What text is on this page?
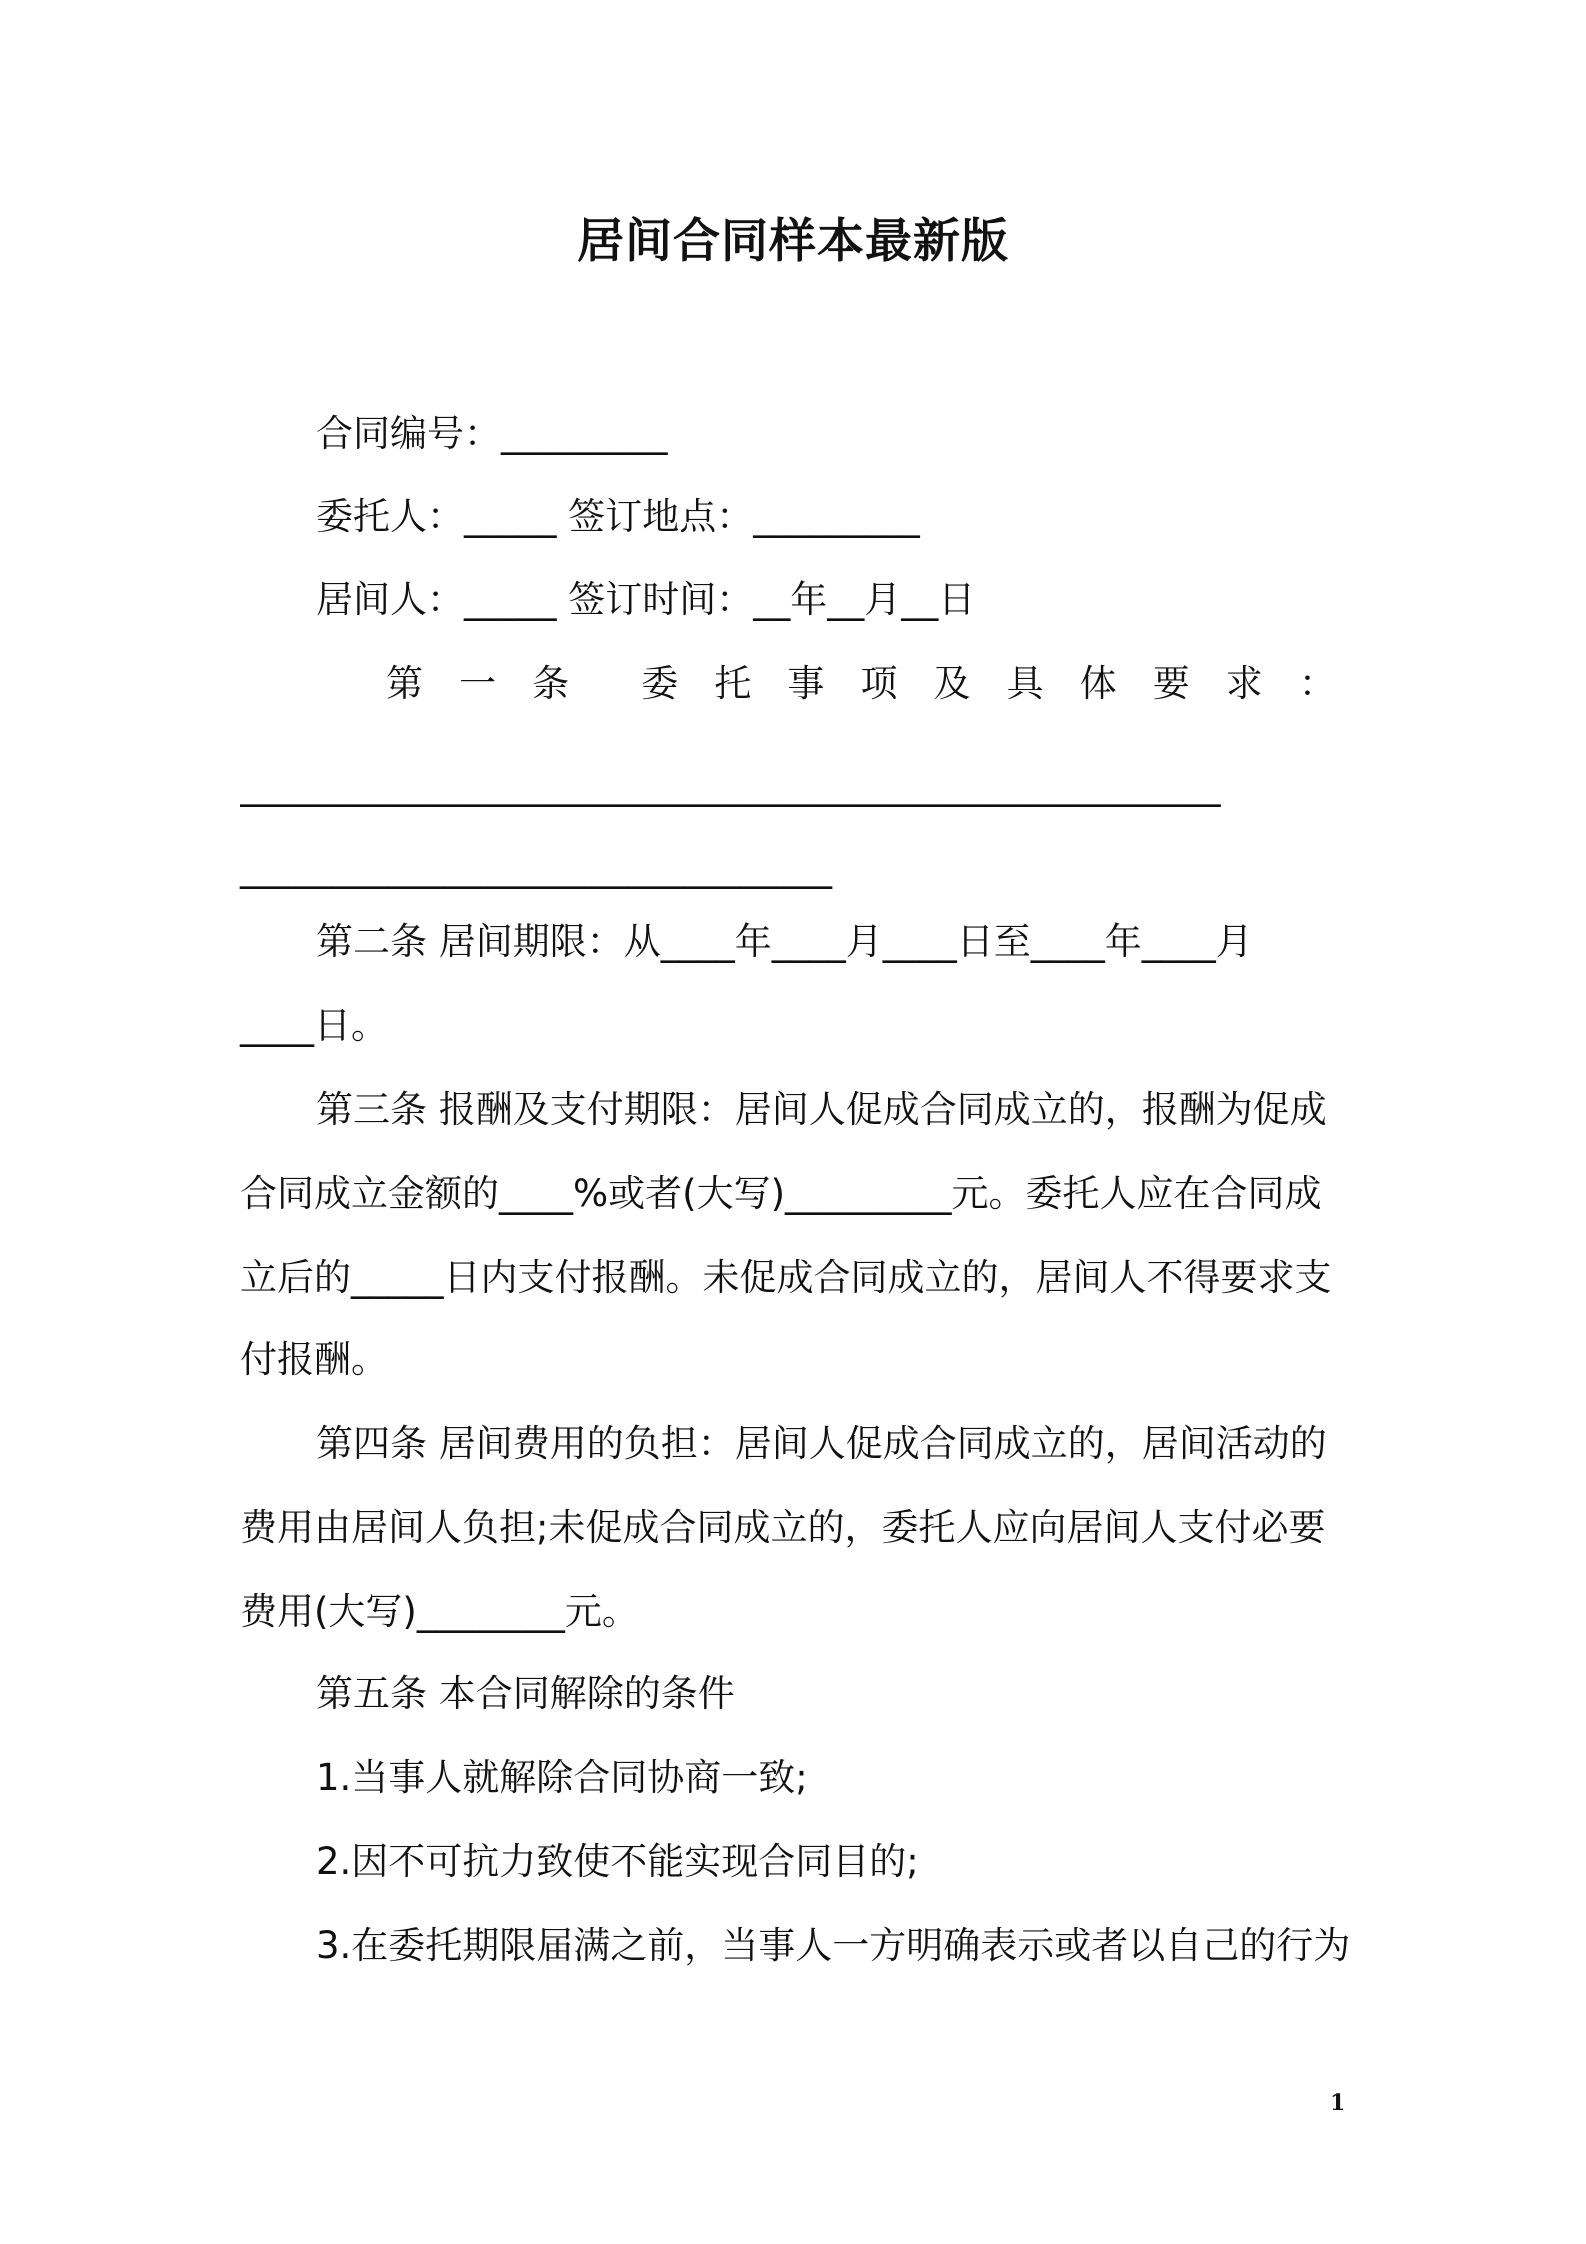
居间合同样本最新版
合同编号：_________
委托人：_____ 签订地点：_________
居间人：_____ 签订时间：__年__月__日
第 一 条 委 托 事 项 及 具 体 要 求 ：
_____________________________________________________
________________________________
第二条 居间期限：从____年____月____日至____年____月
____日。
第三条 报酬及支付期限：居间人促成合同成立的，报酬为促成
合同成立金额的____%或者(大写)_________元。委托人应在合同成
立后的_____日内支付报酬。未促成合同成立的，居间人不得要求支
付报酬。
第四条 居间费用的负担：居间人促成合同成立的，居间活动的
费用由居间人负担;未促成合同成立的，委托人应向居间人支付必要
费用(大写)________元。
第五条 本合同解除的条件
1.当事人就解除合同协商一致;
2.因不可抗力致使不能实现合同目的;
3.在委托期限届满之前，当事人一方明确表示或者以自己的行为
1
